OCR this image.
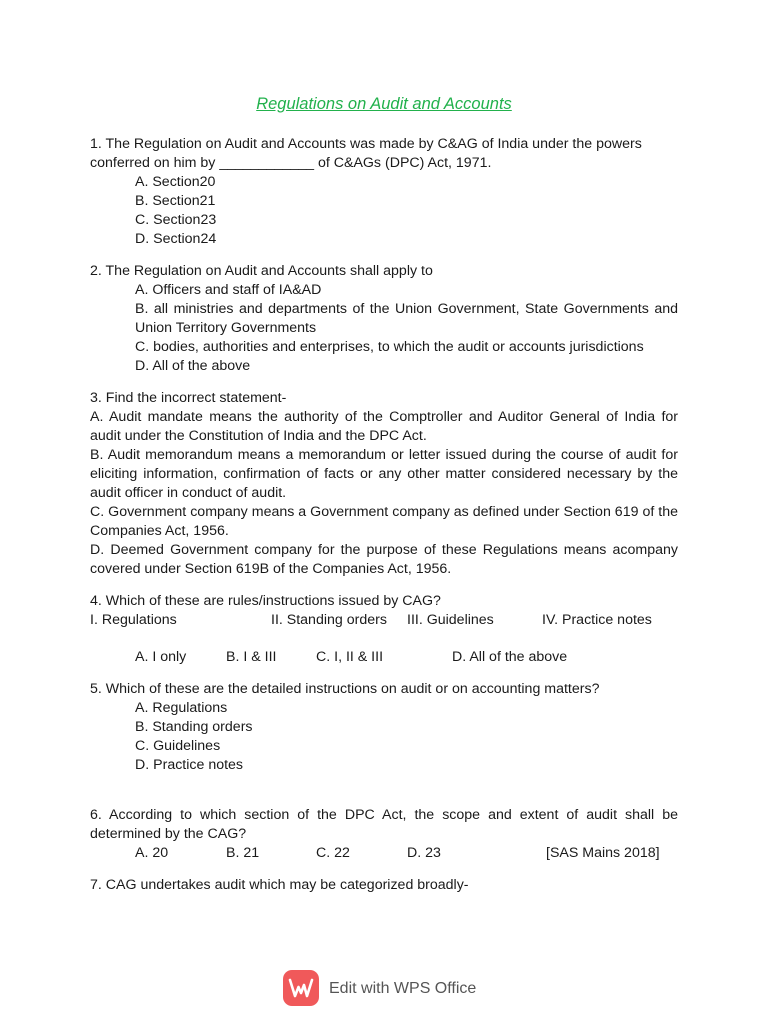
Regulations on Audit and Accounts

1. The Regulation on Audit and Accounts was made by C&AG of India under the powers

conferred on him by ____________ of C&AGs (DPC) Act, 1971.

A. Section20

B. Section21

C. Section23

D. Section24

2. The Regulation on Audit and Accounts shall apply to

A. Officers and staff of IA&AD

B. all ministries and departments of the Union Government, State Governments and Union Territory Governments

C. bodies, authorities and enterprises, to which the audit or accounts jurisdictions

D. All of the above

3. Find the incorrect statement-

A. Audit mandate means the authority of the Comptroller and Auditor General of India for audit under the Constitution of India and the DPC Act.

B. Audit memorandum means a memorandum or letter issued during the course of audit for eliciting information, confirmation of facts or any other matter considered necessary by the audit officer in conduct of audit.

C. Government company means a Government company as defined under Section 619 of the Companies Act, 1956.

D. Deemed Government company for the purpose of these Regulations means acompany covered under Section 619B of the Companies Act, 1956.

4. Which of these are rules/instructions issued by CAG?

I. Regulations	II. Standing orders III. Guidelines	IV. Practice notes
A. I only	B. I & III	C. I, II & III	D. All of the above

5. Which of these are the detailed instructions on audit or on accounting matters?

A. Regulations

B. Standing orders

C. Guidelines

D. Practice notes

6. According to which section of the DPC Act, the scope and extent of audit shall be determined by the CAG?

A. 20	B. 21	C. 22	D. 23	[SAS Mains 2018]

7. CAG undertakes audit which may be categorized broadly-

Edit with WPS Office
